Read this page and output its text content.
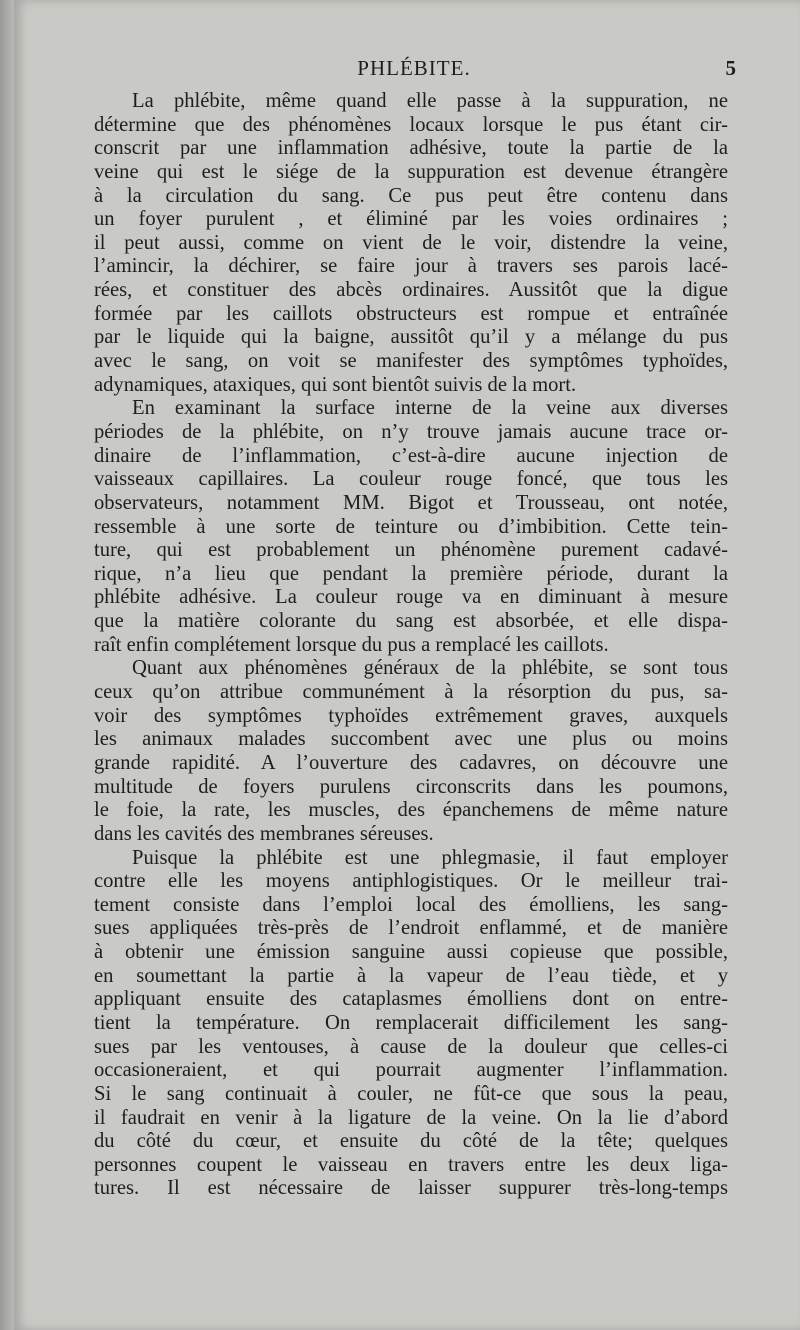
PHLÉBITE.	5
La phlébite, même quand elle passe à la suppuration, ne
détermine que des phénomènes locaux lorsque le pus étant cir-
conscrit par une inflammation adhésive, toute la partie de la
veine qui est le siége de la suppuration est devenue étrangère
à la circulation du sang. Ce pus peut être contenu dans
un foyer purulent , et éliminé par les voies ordinaires ;
il peut aussi, comme on vient de le voir, distendre la veine,
l’amincir, la déchirer, se faire jour à travers ses parois lacé-
rées, et constituer des abcès ordinaires. Aussitôt que la digue
formée par les caillots obstructeurs est rompue et entraînée
par le liquide qui la baigne, aussitôt qu’il y a mélange du pus
avec le sang, on voit se manifester des symptômes typhoïdes,
adynamiques, ataxiques, qui sont bientôt suivis de la mort.
En examinant la surface interne de la veine aux diverses
périodes de la phlébite, on n’y trouve jamais aucune trace or-
dinaire de l’inflammation, c’est-à-dire aucune injection de
vaisseaux capillaires. La couleur rouge foncé, que tous les
observateurs, notamment MM. Bigot et Trousseau, ont notée,
ressemble à une sorte de teinture ou d’imbibition. Cette tein-
ture, qui est probablement un phénomène purement cadavé-
rique, n’a lieu que pendant la première période, durant la
phlébite adhésive. La couleur rouge va en diminuant à mesure
que la matière colorante du sang est absorbée, et elle dispa-
raît enfin complétement lorsque du pus a remplacé les caillots.
Quant aux phénomènes généraux de la phlébite, se sont tous
ceux qu’on attribue communément à la résorption du pus, sa-
voir des symptômes typhoïdes extrêmement graves, auxquels
les animaux malades succombent avec une plus ou moins
grande rapidité. A l’ouverture des cadavres, on découvre une
multitude de foyers purulens circonscrits dans les poumons,
le foie, la rate, les muscles, des épanchemens de même nature
dans les cavités des membranes séreuses.
Puisque la phlébite est une phlegmasie, il faut employer
contre elle les moyens antiphlogistiques. Or le meilleur trai-
tement consiste dans l’emploi local des émolliens, les sang-
sues appliquées très-près de l’endroit enflammé, et de manière
à obtenir une émission sanguine aussi copieuse que possible,
en soumettant la partie à la vapeur de l’eau tiède, et y
appliquant ensuite des cataplasmes émolliens dont on entre-
tient la température. On remplacerait difficilement les sang-
sues par les ventouses, à cause de la douleur que celles-ci
occasioneraient, et qui pourrait augmenter l’inflammation.
Si le sang continuait à couler, ne fût-ce que sous la peau,
il faudrait en venir à la ligature de la veine. On la lie d’abord
du côté du cœur, et ensuite du côté de la tête; quelques
personnes coupent le vaisseau en travers entre les deux liga-
tures. Il est nécessaire de laisser suppurer très-long-temps
